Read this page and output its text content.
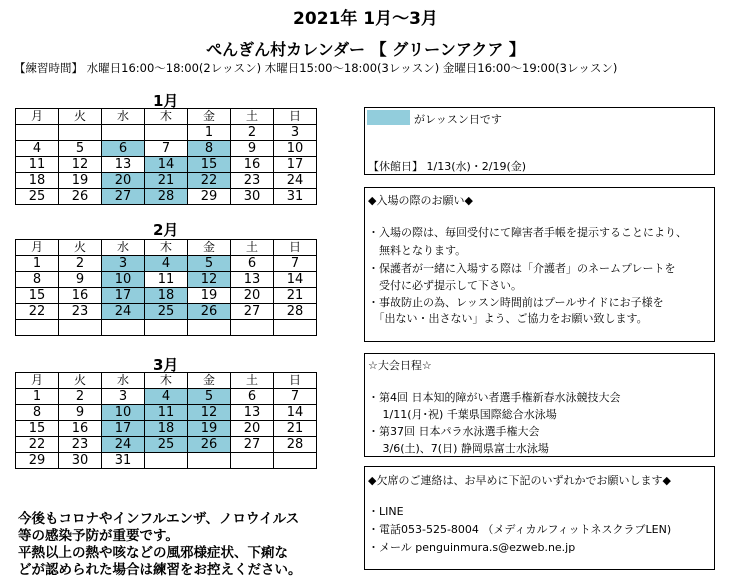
2021年 1月～3月
ぺんぎん村カレンダー 【 グリーンアクア 】
【練習時間】 水曜日16:00～18:00(2レッスン) 木曜日15:00～18:00(3レッスン) 金曜日16:00～19:00(3レッスン)
1月
2月
3月
月	火	水	木	金	土	日
				1	2	3
4	5	6	7	8	9	10
11	12	13	14	15	16	17
18	19	20	21	22	23	24
25	26	27	28	29	30	31
月	火	水	木	金	土	日
1	2	3	4	5	6	7
8	9	10	11	12	13	14
15	16	17	18	19	20	21
22	23	24	25	26	27	28

月	火	水	木	金	土	日
1	2	3	4	5	6	7
8	9	10	11	12	13	14
15	16	17	18	19	20	21
22	23	24	25	26	27	28
29	30	31				
がレッスン日です
【休館日】 1/13(水)・2/19(金)
◆入場の際のお願い◆
・入場の際は、毎回受付にて障害者手帳を提示することにより、
　無料となります。
・保護者が一緒に入場する際は「介護者」のネームプレートを
　受付に必ず提示して下さい。
・事故防止の為、レッスン時間前はプールサイドにお子様を
　「出ない・出さない」よう、ご協力をお願い致します。
☆大会日程☆
・第4回 日本知的障がい者選手権新春水泳競技大会
　 1/11(月･祝) 千葉県国際総合水泳場
・第37回 日本パラ水泳選手権大会
　 3/6(土)、7(日) 静岡県富士水泳場
◆欠席のご連絡は、お早めに下記のいずれかでお願いします◆
・LINE
・電話053-525-8004 （メディカルフィットネスクラブLEN)
・メール penguinmura.s@ezweb.ne.jp
今後もコロナやインフルエンザ、ノロウイルス
等の感染予防が重要です。
平熱以上の熱や咳などの風邪様症状、下痢な
どが認められた場合は練習をお控えください。
